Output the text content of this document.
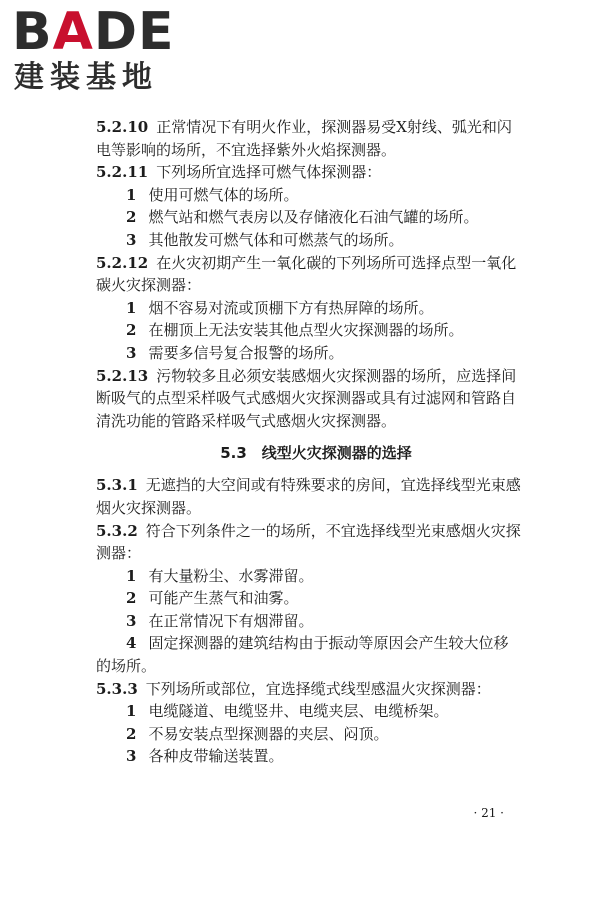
BADE
建装基地
5.2.10 正常情况下有明火作业，探测器易受X射线、弧光和闪
电等影响的场所，不宜选择紫外火焰探测器。
5.2.11 下列场所宜选择可燃气体探测器：
1 使用可燃气体的场所。
2 燃气站和燃气表房以及存储液化石油气罐的场所。
3 其他散发可燃气体和可燃蒸气的场所。
5.2.12 在火灾初期产生一氧化碳的下列场所可选择点型一氧化
碳火灾探测器：
1 烟不容易对流或顶棚下方有热屏障的场所。
2 在棚顶上无法安装其他点型火灾探测器的场所。
3 需要多信号复合报警的场所。
5.2.13 污物较多且必须安装感烟火灾探测器的场所，应选择间
断吸气的点型采样吸气式感烟火灾探测器或具有过滤网和管路自
清洗功能的管路采样吸气式感烟火灾探测器。
5.3　线型火灾探测器的选择
5.3.1 无遮挡的大空间或有特殊要求的房间，宜选择线型光束感
烟火灾探测器。
5.3.2 符合下列条件之一的场所，不宜选择线型光束感烟火灾探
测器：
1 有大量粉尘、水雾滞留。
2 可能产生蒸气和油雾。
3 在正常情况下有烟滞留。
4 固定探测器的建筑结构由于振动等原因会产生较大位移
的场所。
5.3.3 下列场所或部位，宜选择缆式线型感温火灾探测器：
1 电缆隧道、电缆竖井、电缆夹层、电缆桥架。
2 不易安装点型探测器的夹层、闷顶。
3 各种皮带输送装置。
· 21 ·
